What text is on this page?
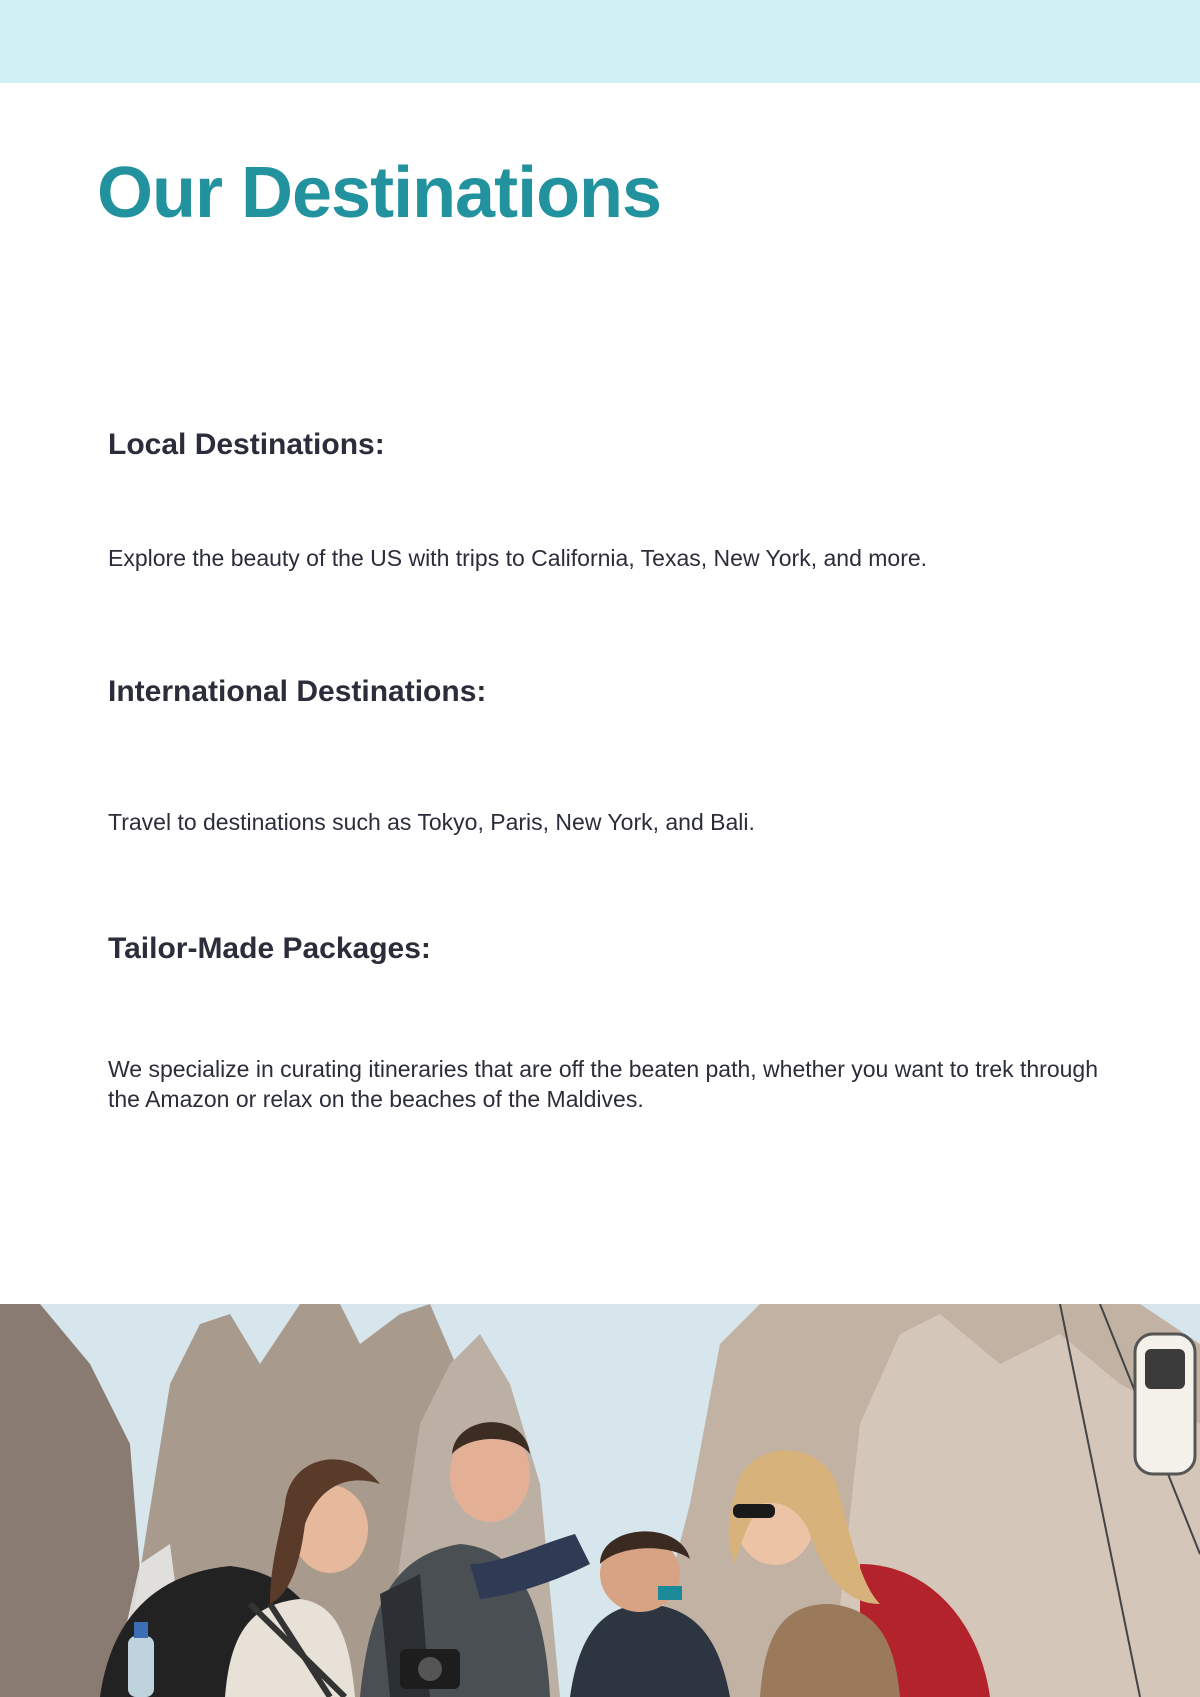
Our Destinations
Local Destinations:

Explore the beauty of the US with trips to California, Texas, New York, and more.

International Destinations:

Travel to destinations such as Tokyo, Paris, New York, and Bali.

Tailor-Made Packages:

We specialize in curating itineraries that are off the beaten path, whether you want to trek through the Amazon or relax on the beaches of the Maldives.
